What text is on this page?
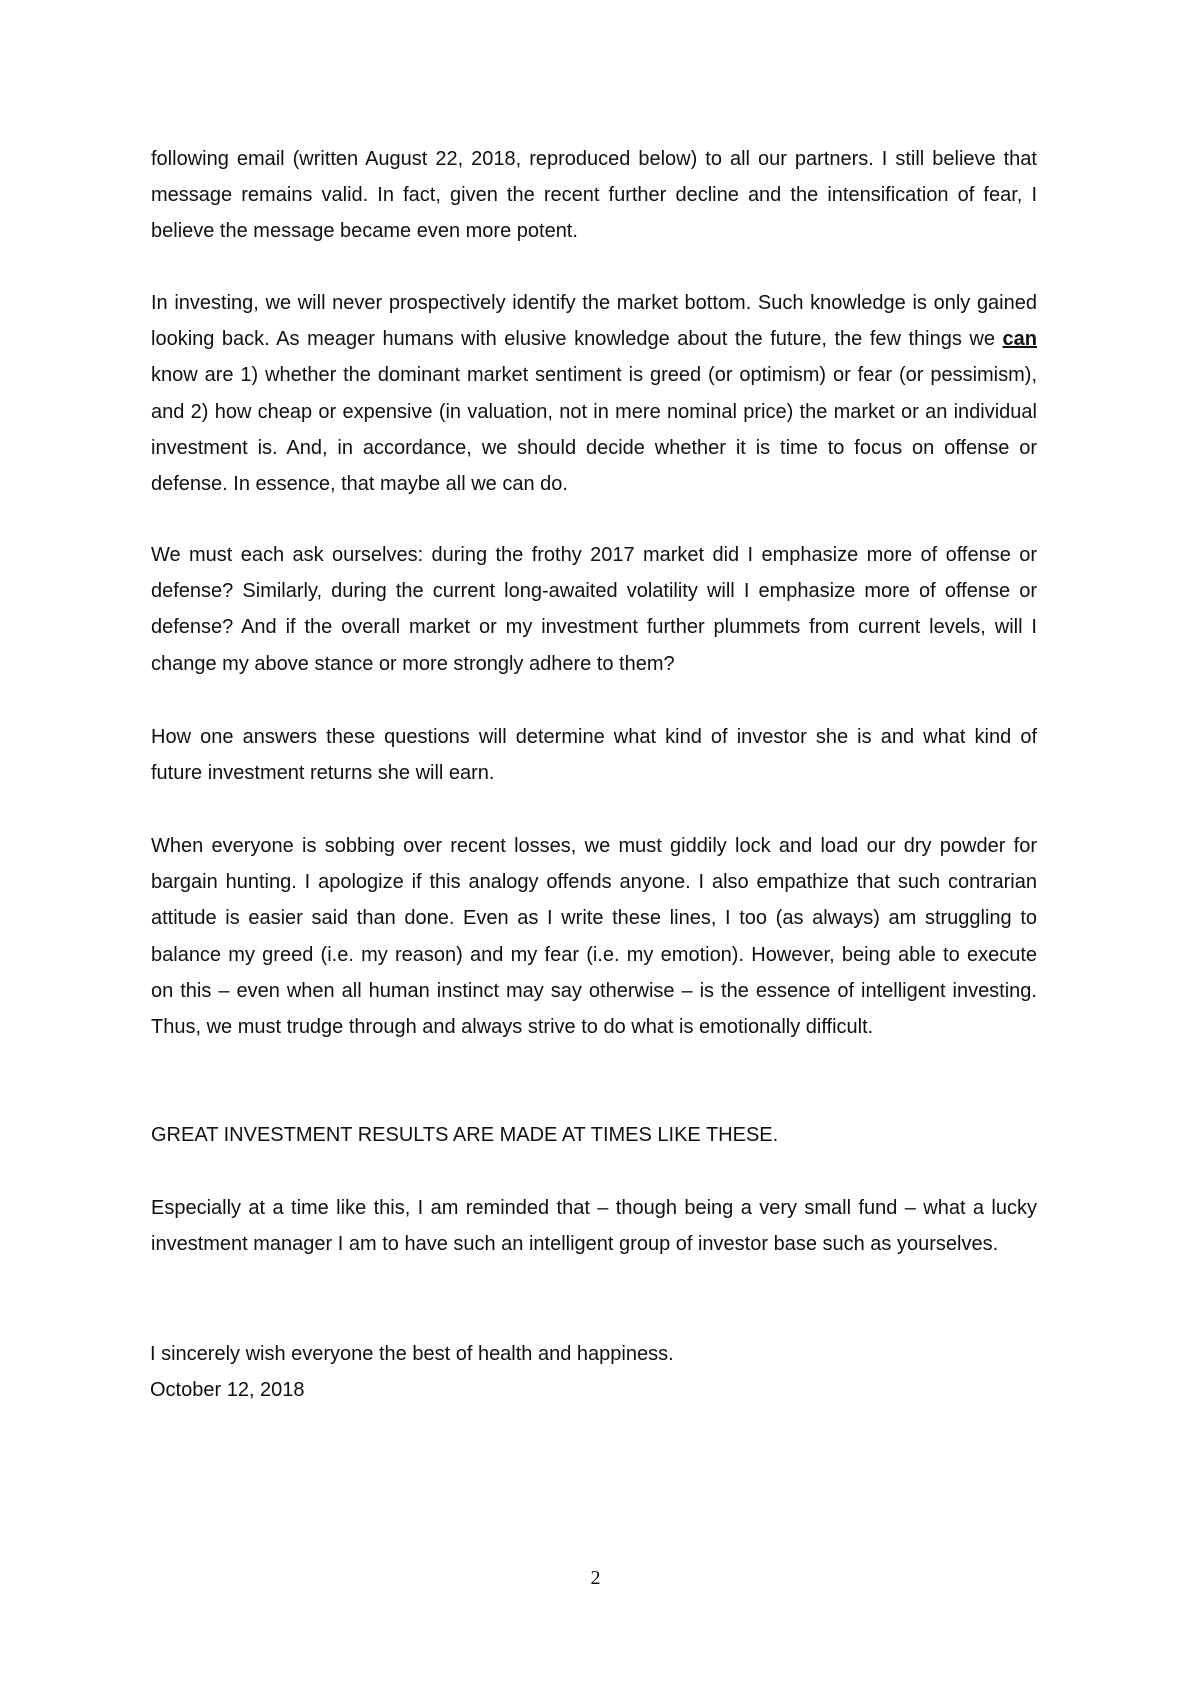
following email (written August 22, 2018, reproduced below) to all our partners. I still believe that message remains valid. In fact, given the recent further decline and the intensification of fear, I believe the message became even more potent.

In investing, we will never prospectively identify the market bottom. Such knowledge is only gained looking back. As meager humans with elusive knowledge about the future, the few things we can know are 1) whether the dominant market sentiment is greed (or optimism) or fear (or pessimism), and 2) how cheap or expensive (in valuation, not in mere nominal price) the market or an individual investment is. And, in accordance, we should decide whether it is time to focus on offense or defense. In essence, that maybe all we can do.

We must each ask ourselves: during the frothy 2017 market did I emphasize more of offense or defense? Similarly, during the current long-awaited volatility will I emphasize more of offense or defense? And if the overall market or my investment further plummets from current levels, will I change my above stance or more strongly adhere to them?

How one answers these questions will determine what kind of investor she is and what kind of future investment returns she will earn.

When everyone is sobbing over recent losses, we must giddily lock and load our dry powder for bargain hunting. I apologize if this analogy offends anyone. I also empathize that such contrarian attitude is easier said than done. Even as I write these lines, I too (as always) am struggling to balance my greed (i.e. my reason) and my fear (i.e. my emotion). However, being able to execute on this – even when all human instinct may say otherwise – is the essence of intelligent investing. Thus, we must trudge through and always strive to do what is emotionally difficult.

GREAT INVESTMENT RESULTS ARE MADE AT TIMES LIKE THESE.

Especially at a time like this, I am reminded that – though being a very small fund – what a lucky investment manager I am to have such an intelligent group of investor base such as yourselves.

I sincerely wish everyone the best of health and happiness.

October 12, 2018

2
